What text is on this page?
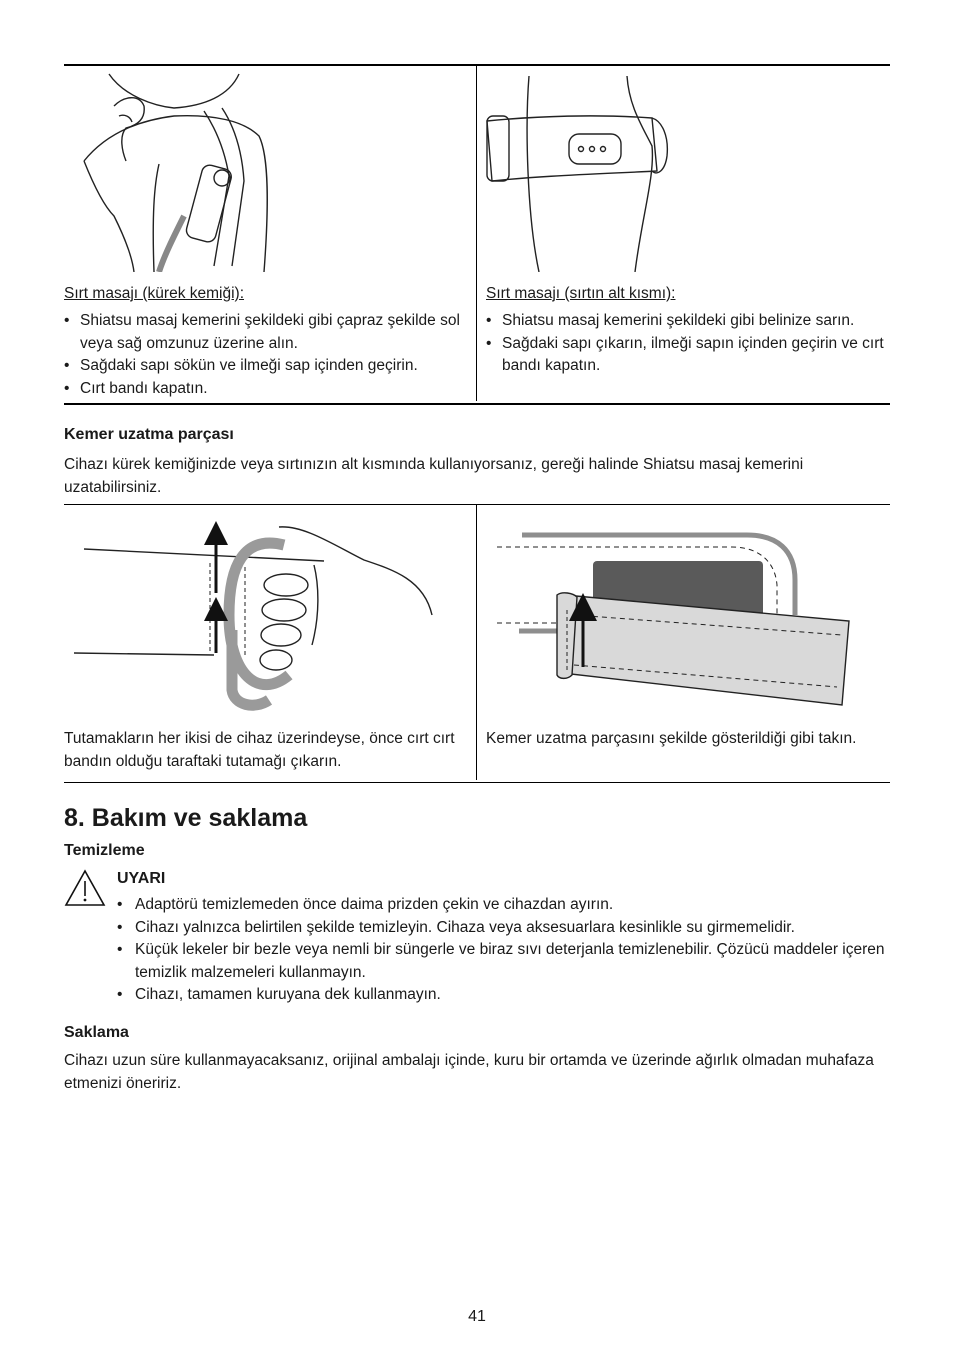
Sırt masajı (kürek kemiği):

• Shiatsu masaj kemerini şekildeki gibi çapraz şekilde sol veya sağ omzunuz üzerine alın.
• Sağdaki sapı sökün ve ilmeği sap içinden geçirin.
• Cırt bandı kapatın.

Sırt masajı (sırtın alt kısmı):

• Shiatsu masaj kemerini şekildeki gibi belinize sarın.
• Sağdaki sapı çıkarın, ilmeği sapın içinden geçirin ve cırt bandı kapatın.
Kemer uzatma parçası

Cihazı kürek kemiğinizde veya sırtınızın alt kısmında kullanıyorsanız, gereği halinde Shiatsu masaj kemerini uzatabilirsiniz.

Tutamakların her ikisi de cihaz üzerindeyse, önce cırt cırt bandın olduğu taraftaki tutamağı çıkarın.

Kemer uzatma parçasını şekilde gösterildiği gibi takın.

8. Bakım ve saklama
Temizleme

UYARI

• Adaptörü temizlemeden önce daima prizden çekin ve cihazdan ayırın.
• Cihazı yalnızca belirtilen şekilde temizleyin. Cihaza veya aksesuarlara kesinlikle su girmemelidir.
• Küçük lekeler bir bezle veya nemli bir süngerle ve biraz sıvı deterjanla temizlenebilir. Çözücü maddeler içeren temizlik malzemeleri kullanmayın.
• Cihazı, tamamen kuruyana dek kullanmayın.
Saklama

Cihazı uzun süre kullanmayacaksanız, orijinal ambalajı içinde, kuru bir ortamda ve üzerinde ağırlık olmadan muhafaza etmenizi öneririz.

41
